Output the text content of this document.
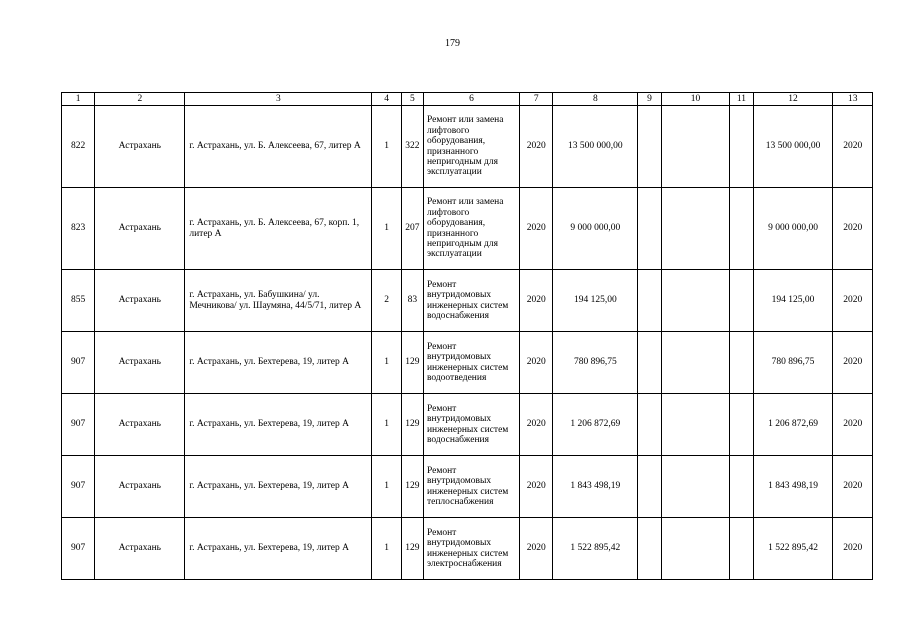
179
1	2	3	4	5	6	7	8	9	10	11	12	13
822	Астрахань	г. Астрахань, ул. Б. Алексеева, 67, литер А	1	322	Ремонт или замена лифтового оборудования, признанного непригодным для эксплуатации	2020	13 500 000,00				13 500 000,00	2020
823	Астрахань	г. Астрахань, ул. Б. Алексеева, 67, корп. 1, литер А	1	207	Ремонт или замена лифтового оборудования, признанного непригодным для эксплуатации	2020	9 000 000,00				9 000 000,00	2020
855	Астрахань	г. Астрахань, ул. Бабушкина/ ул. Мечникова/ ул. Шаумяна, 44/5/71, литер А	2	83	Ремонт внутридомовых инженерных систем водоснабжения	2020	194 125,00				194 125,00	2020
907	Астрахань	г. Астрахань, ул. Бехтерева, 19, литер А	1	129	Ремонт внутридомовых инженерных систем водоотведения	2020	780 896,75				780 896,75	2020
907	Астрахань	г. Астрахань, ул. Бехтерева, 19, литер А	1	129	Ремонт внутридомовых инженерных систем водоснабжения	2020	1 206 872,69				1 206 872,69	2020
907	Астрахань	г. Астрахань, ул. Бехтерева, 19, литер А	1	129	Ремонт внутридомовых инженерных систем теплоснабжения	2020	1 843 498,19				1 843 498,19	2020
907	Астрахань	г. Астрахань, ул. Бехтерева, 19, литер А	1	129	Ремонт внутридомовых инженерных систем электроснабжения	2020	1 522 895,42				1 522 895,42	2020
